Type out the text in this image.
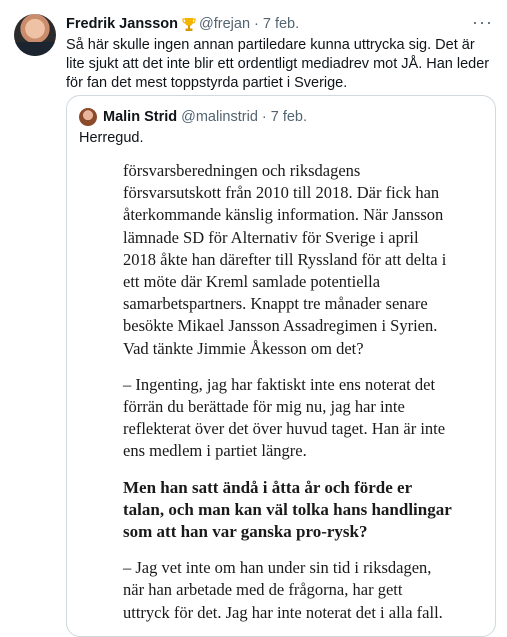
Fredrik Jansson @frejan · 7 feb.	···
Så här skulle ingen annan partiledare kunna uttrycka sig. Det är lite sjukt att det inte blir ett ordentligt mediadrev mot JÅ. Han leder för fan det mest toppstyrda partiet i Sverige.
Malin Strid @malinstrid · 7 feb.
Herregud.

försvarsberedningen och riksdagens försvarsutskott från 2010 till 2018. Där fick han återkommande känslig information. När Jansson lämnade SD för Alternativ för Sverige i april 2018 åkte han därefter till Ryssland för att delta i ett möte där Kreml samlade potentiella samarbetspartners. Knappt tre månader senare besökte Mikael Jansson Assadregimen i Syrien. Vad tänkte Jimmie Åkesson om det?

– Ingenting, jag har faktiskt inte ens noterat det förrän du berättade för mig nu, jag har inte reflekterat över det över huvud taget. Han är inte ens medlem i partiet längre.

Men han satt ändå i åtta år och förde er talan, och man kan väl tolka hans handlingar som att han var ganska pro-rysk?

– Jag vet inte om han under sin tid i riksdagen, när han arbetade med de frågorna, har gett uttryck för det. Jag har inte noterat det i alla fall.
